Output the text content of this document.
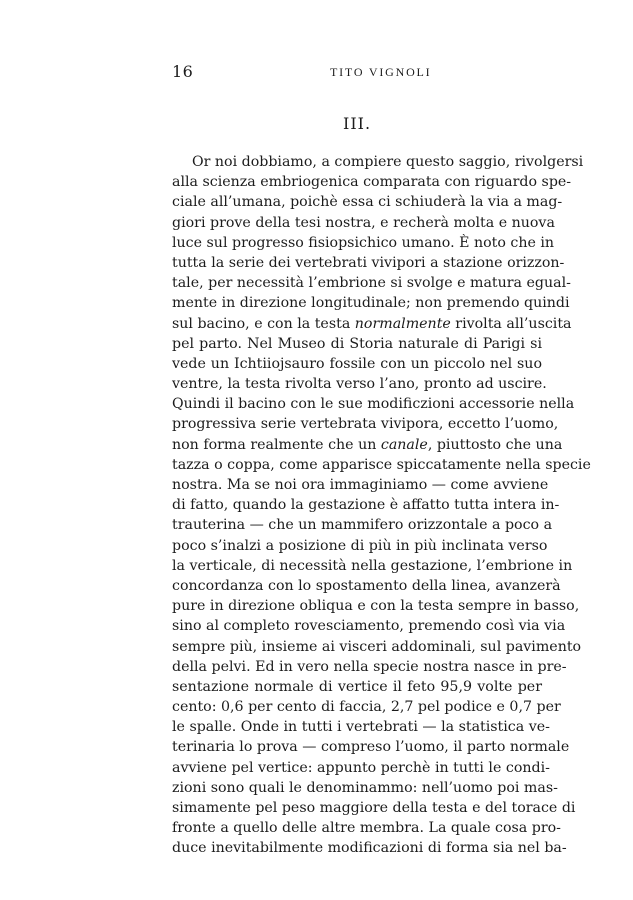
16	TITO VIGNOLI
III.
Or noi dobbiamo, a compiere questo saggio, rivolgersi
alla scienza embriogenica comparata con riguardo spe-
ciale all’umana, poichè essa ci schiuderà la via a mag-
giori prove della tesi nostra, e recherà molta e nuova
luce sul progresso fisiopsichico umano. È noto che in
tutta la serie dei vertebrati vivipori a stazione orizzon-
tale, per necessità l’embrione si svolge e matura egual-
mente in direzione longitudinale; non premendo quindi
sul bacino, e con la testa normalmente rivolta all’uscita
pel parto. Nel Museo di Storia naturale di Parigi si
vede un Ichtiiojsauro fossile con un piccolo nel suo
ventre, la testa rivolta verso l’ano, pronto ad uscire.
Quindi il bacino con le sue modificzioni accessorie nella
progressiva serie vertebrata vivipora, eccetto l’uomo,
non forma realmente che un canale, piuttosto che una
tazza o coppa, come apparisce spiccatamente nella specie
nostra. Ma se noi ora immaginiamo — come avviene
di fatto, quando la gestazione è affatto tutta intera in-
trauterina — che un mammifero orizzontale a poco a
poco s’inalzi a posizione di più in più inclinata verso
la verticale, di necessità nella gestazione, l’embrione in
concordanza con lo spostamento della linea, avanzerà
pure in direzione obliqua e con la testa sempre in basso,
sino al completo rovesciamento, premendo così via via
sempre più, insieme ai visceri addominali, sul pavimento
della pelvi. Ed in vero nella specie nostra nasce in pre-
sentazione normale di vertice il feto 95,9 volte per
cento: 0,6 per cento di faccia, 2,7 pel podice e 0,7 per
le spalle. Onde in tutti i vertebrati — la statistica ve-
terinaria lo prova — compreso l’uomo, il parto normale
avviene pel vertice: appunto perchè in tutti le condi-
zioni sono quali le denominammo: nell’uomo poi mas-
simamente pel peso maggiore della testa e del torace di
fronte a quello delle altre membra. La quale cosa pro-
duce inevitabilmente modificazioni di forma sia nel ba-
